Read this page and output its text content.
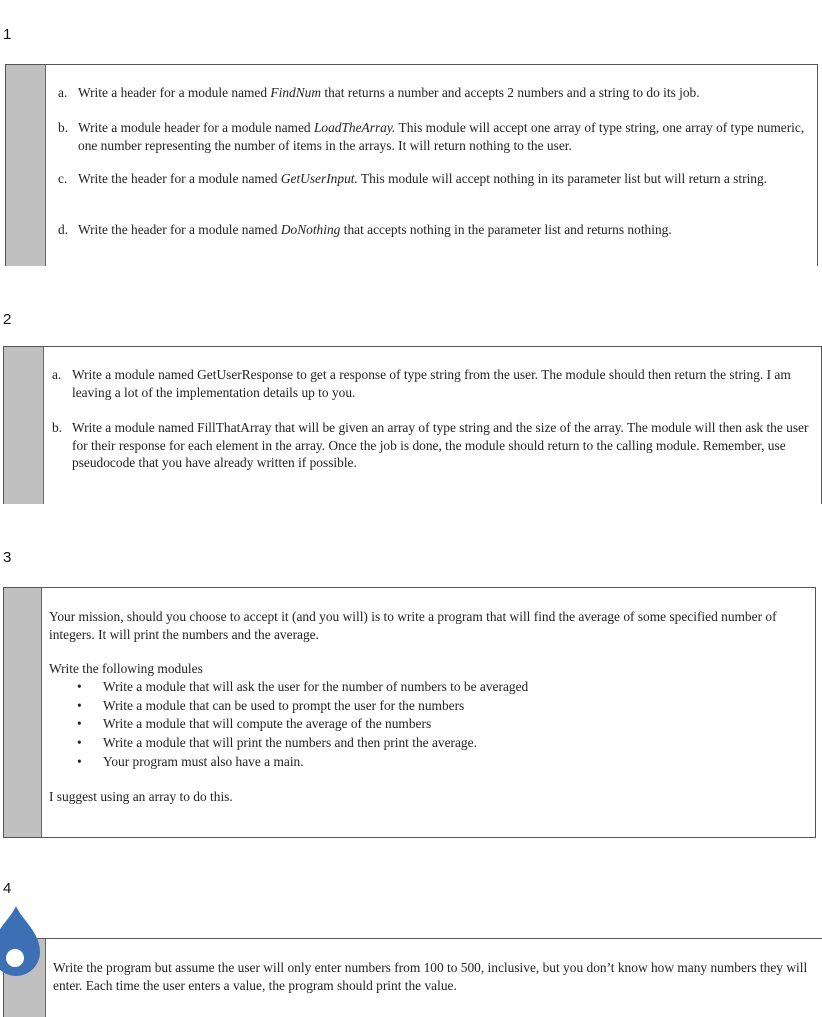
1
a. Write a header for a module named FindNum that returns a number and accepts 2 numbers and a string to do its job.
b. Write a module header for a module named LoadTheArray. This module will accept one array of type string, one array of type numeric, one number representing the number of items in the arrays. It will return nothing to the user.
c. Write the header for a module named GetUserInput. This module will accept nothing in its parameter list but will return a string.
d. Write the header for a module named DoNothing that accepts nothing in the parameter list and returns nothing.
2
a. Write a module named GetUserResponse to get a response of type string from the user. The module should then return the string. I am leaving a lot of the implementation details up to you.
b. Write a module named FillThatArray that will be given an array of type string and the size of the array. The module will then ask the user for their response for each element in the array. Once the job is done, the module should return to the calling module. Remember, use pseudocode that you have already written if possible.
3
Your mission, should you choose to accept it (and you will) is to write a program that will find the average of some specified number of integers. It will print the numbers and the average.
Write the following modules
• Write a module that will ask the user for the number of numbers to be averaged
• Write a module that can be used to prompt the user for the numbers
• Write a module that will compute the average of the numbers
• Write a module that will print the numbers and then print the average.
• Your program must also have a main.
I suggest using an array to do this.
4
Write the program but assume the user will only enter numbers from 100 to 500, inclusive, but you don’t know how many numbers they will enter. Each time the user enters a value, the program should print the value.
